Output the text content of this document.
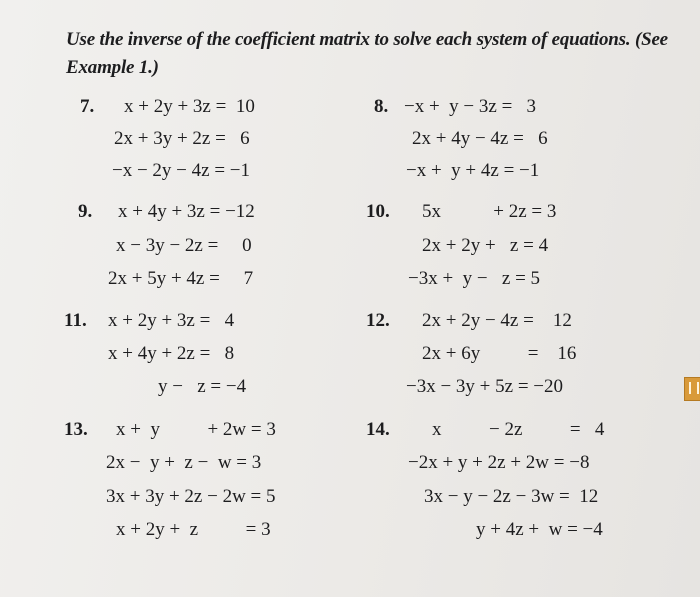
Use the inverse of the coefficient matrix to solve each system of equations. (See Example 1.)
7. x + 2y + 3z =  10
2x + 3y + 2z =   6
−x − 2y − 4z = −1
8. −x +  y − 3z =   3
2x + 4y − 4z =   6
−x +  y + 4z = −1
9. x + 4y + 3z = −12
x − 3y − 2z =     0
2x + 5y + 4z =     7
10. 5x           + 2z = 3
2x + 2y +   z = 4
−3x +  y −   z = 5
11. x + 2y + 3z =   4
x + 4y + 2z =   8
y −   z = −4
12. 2x + 2y − 4z =    12
2x + 6y          =    16
−3x − 3y + 5z = −20
13. x +  y          + 2w = 3
2x −  y +  z −  w = 3
3x + 3y + 2z − 2w = 5
x + 2y +  z          = 3
14. x          − 2z          =   4
−2x + y + 2z + 2w = −8
3x − y − 2z − 3w =  12
y + 4z +  w = −4
